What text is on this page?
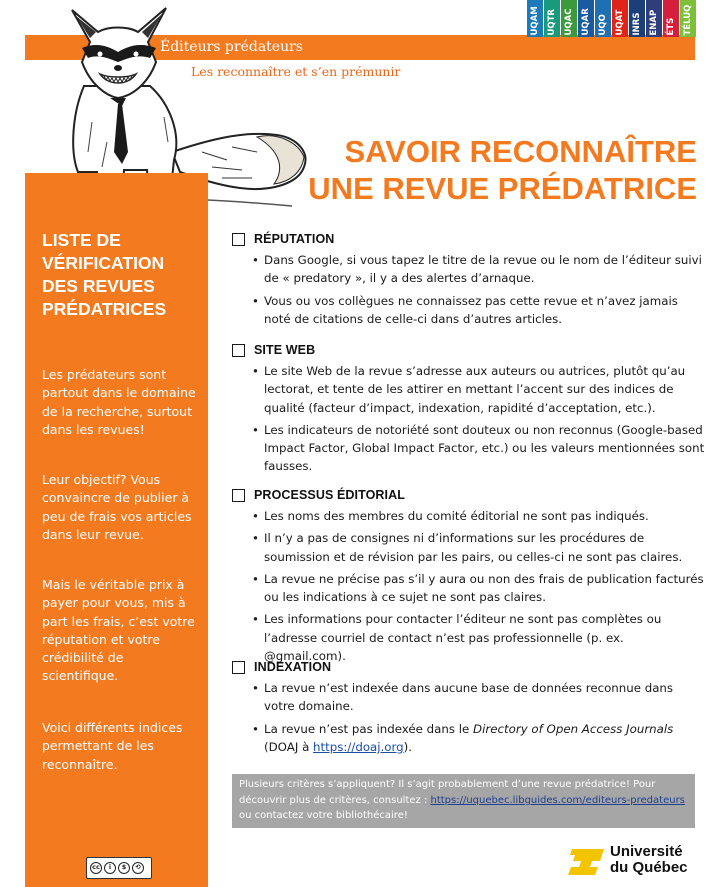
Éditeurs prédateurs
Les reconnaître et s’en prémunir
UQAM UQTR UQAC UQAR UQO UQAT INRS ENAP ÉTS TÉLUQ
SAVOIR RECONNAÎTRE
UNE REVUE PRÉDATRICE
LISTE DE VÉRIFICATION DES REVUES PRÉDATRICES
Les prédateurs sont partout dans le domaine de la recherche, surtout dans les revues!
Leur objectif? Vous convaincre de publier à peu de frais vos articles dans leur revue.
Mais le véritable prix à payer pour vous, mis à part les frais, c’est votre réputation et votre crédibilité de scientifique.
Voici différents indices permettant de les reconnaître.
cc	i	$	⟲
RÉPUTATION
• Dans Google, si vous tapez le titre de la revue ou le nom de l’éditeur suivi de « predatory », il y a des alertes d’arnaque.
• Vous ou vos collègues ne connaissez pas cette revue et n’avez jamais noté de citations de celle-ci dans d’autres articles.
SITE WEB
• Le site Web de la revue s’adresse aux auteurs ou autrices, plutôt qu’au lectorat, et tente de les attirer en mettant l’accent sur des indices de qualité (facteur d’impact, indexation, rapidité d’acceptation, etc.).
• Les indicateurs de notoriété sont douteux ou non reconnus (Google-based Impact Factor, Global Impact Factor, etc.) ou les valeurs mentionnées sont fausses.
PROCESSUS ÉDITORIAL
• Les noms des membres du comité éditorial ne sont pas indiqués.
• Il n’y a pas de consignes ni d’informations sur les procédures de soumission et de révision par les pairs, ou celles-ci ne sont pas claires.
• La revue ne précise pas s’il y aura ou non des frais de publication facturés ou les indications à ce sujet ne sont pas claires.
• Les informations pour contacter l’éditeur ne sont pas complètes ou l’adresse courriel de contact n’est pas professionnelle (p. ex. @gmail.com).
INDEXATION
• La revue n’est indexée dans aucune base de données reconnue dans votre domaine.
• La revue n’est pas indexée dans le Directory of Open Access Journals (DOAJ à https://doaj.org).
Plusieurs critères s’appliquent? Il s’agit probablement d’une revue prédatrice! Pour découvrir plus de critères, consultez : https://uquebec.libguides.com/editeurs-predateurs ou contactez votre bibliothécaire!
Université
du Québec
